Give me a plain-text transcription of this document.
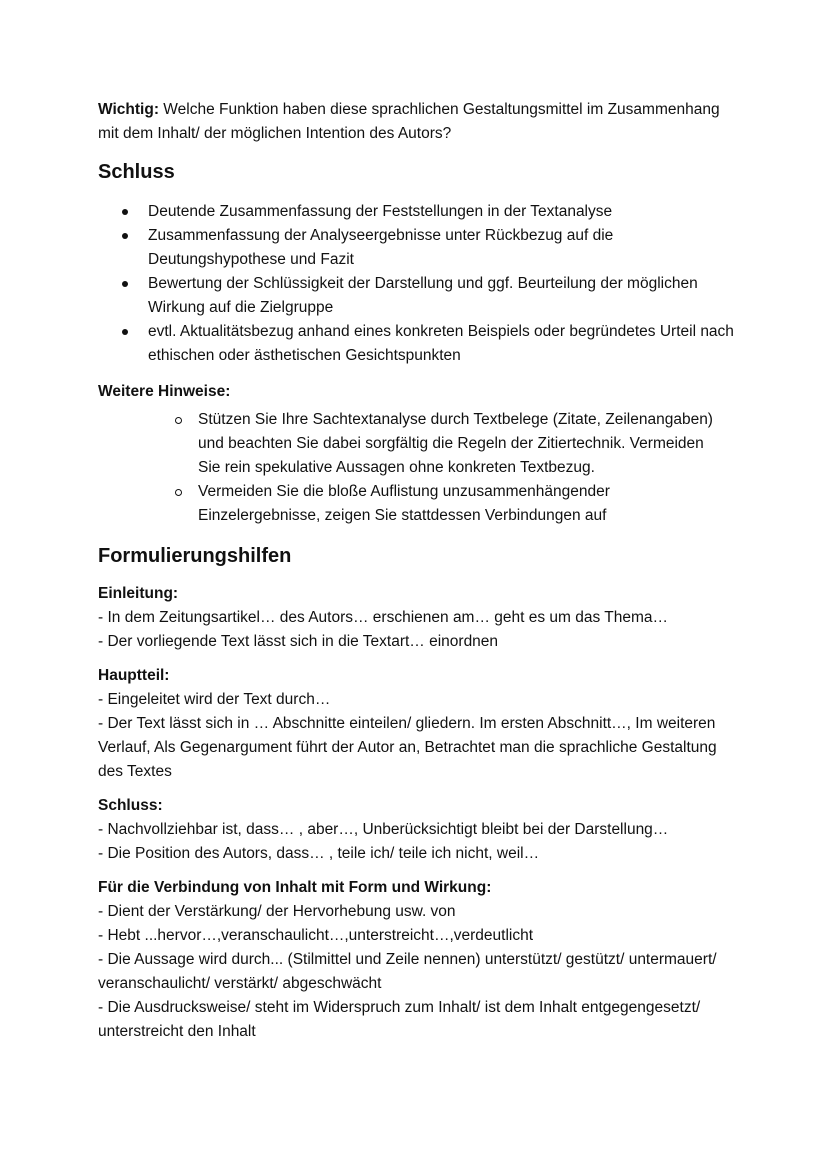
Wichtig: Welche Funktion haben diese sprachlichen Gestaltungsmittel im Zusammenhang mit dem Inhalt/ der möglichen Intention des Autors?

Schluss
Deutende Zusammenfassung der Feststellungen in der Textanalyse
Zusammenfassung der Analyseergebnisse unter Rückbezug auf die Deutungshypothese und Fazit
Bewertung der Schlüssigkeit der Darstellung und ggf. Beurteilung der möglichen Wirkung auf die Zielgruppe
evtl. Aktualitätsbezug anhand eines konkreten Beispiels oder begründetes Urteil nach ethischen oder ästhetischen Gesichtspunkten

Weitere Hinweise:

Stützen Sie Ihre Sachtextanalyse durch Textbelege (Zitate, Zeilenangaben) und beachten Sie dabei sorgfältig die Regeln der Zitiertechnik. Vermeiden Sie rein spekulative Aussagen ohne konkreten Textbezug.
Vermeiden Sie die bloße Auflistung unzusammenhängender Einzelergebnisse, zeigen Sie stattdessen Verbindungen auf
Formulierungshilfen

Einleitung:

- In dem Zeitungsartikel… des Autors… erschienen am… geht es um das Thema…

- Der vorliegende Text lässt sich in die Textart… einordnen

Hauptteil:

- Eingeleitet wird der Text durch…

- Der Text lässt sich in … Abschnitte einteilen/ gliedern. Im ersten Abschnitt…, Im weiteren Verlauf, Als Gegenargument führt der Autor an, Betrachtet man die sprachliche Gestaltung des Textes

Schluss:

- Nachvollziehbar ist, dass… , aber…, Unberücksichtigt bleibt bei der Darstellung…

- Die Position des Autors, dass… , teile ich/ teile ich nicht, weil…

Für die Verbindung von Inhalt mit Form und Wirkung:

- Dient der Verstärkung/ der Hervorhebung usw. von

- Hebt ...hervor…,veranschaulicht…,unterstreicht…,verdeutlicht

- Die Aussage wird durch... (Stilmittel und Zeile nennen) unterstützt/ gestützt/ untermauert/ veranschaulicht/ verstärkt/ abgeschwächt

- Die Ausdrucksweise/ steht im Widerspruch zum Inhalt/ ist dem Inhalt entgegengesetzt/ unterstreicht den Inhalt
